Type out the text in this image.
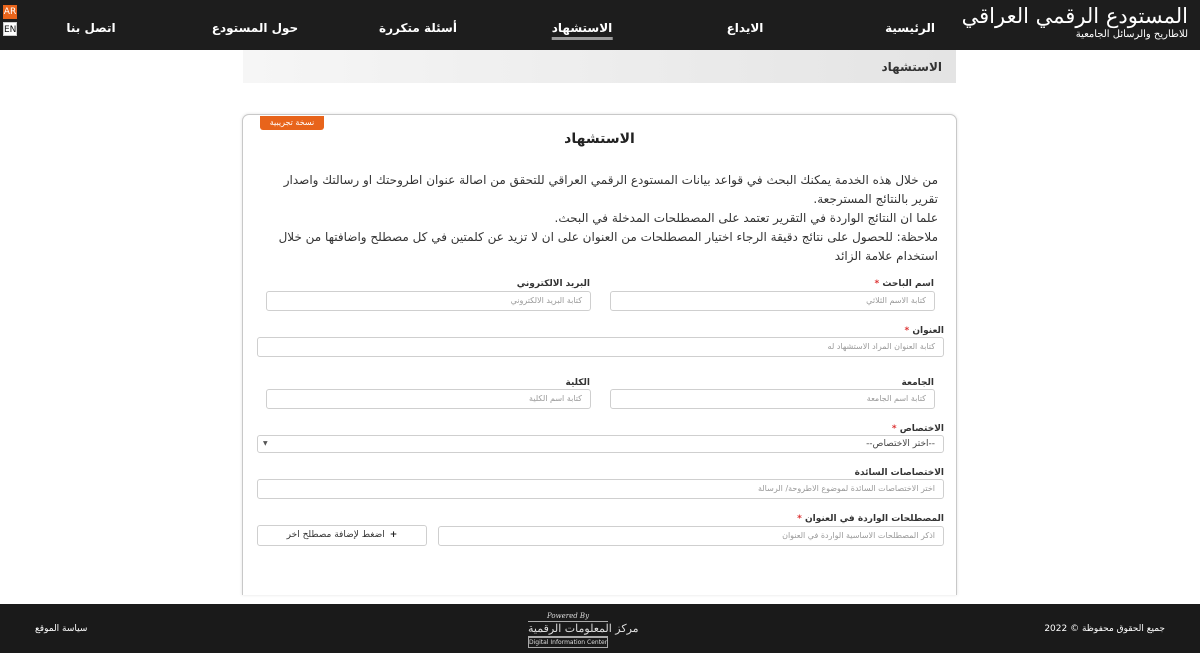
المستودع الرقمي العراقي
للاطاريح والرسائل الجامعية
الرئيسية
الايداع
الاستشهاد
أسئلة متكررة
حول المستودع
اتصل بنا
AR
EN
الاستشهاد
نسخة تجريبية
الاستشهاد

من خلال هذه الخدمة يمكنك البحث في قواعد بيانات المستودع الرقمي العراقي للتحقق من اصالة عنوان اطروحتك او رسالتك واصدار تقرير بالنتائج المسترجعة.

علما ان النتائج الواردة في التقرير تعتمد على المصطلحات المدخلة في البحث.

ملاحظة: للحصول على نتائج دقيقة الرجاء اختيار المصطلحات من العنوان على ان لا تزيد عن كلمتين في كل مصطلح واضافتها من خلال استخدام علامة الزائد

اسم الباحث *
كتابة الاسم الثلاثي
البريد الالكتروني
كتابة البريد الالكتروني
العنوان *
كتابة العنوان المراد الاستشهاد له
الجامعة
كتابة اسم الجامعة
الكلية
كتابة اسم الكلية
الاختصاص *
--اختر الاختصاص--
▼
الاختصاصات السائدة
اختر الاختصاصات السائدة لموضوع الاطروحة/ الرسالة
المصطلحات الواردة في العنوان *
اذكر المصطلحات الاساسية الواردة في العنوان
+اضغط لإضافة مصطلح اخر
جميع الحقوق محفوظة © 2022
Powered By
مركز المعلومات الرقمية
Digital Information Center
سياسة الموقع
